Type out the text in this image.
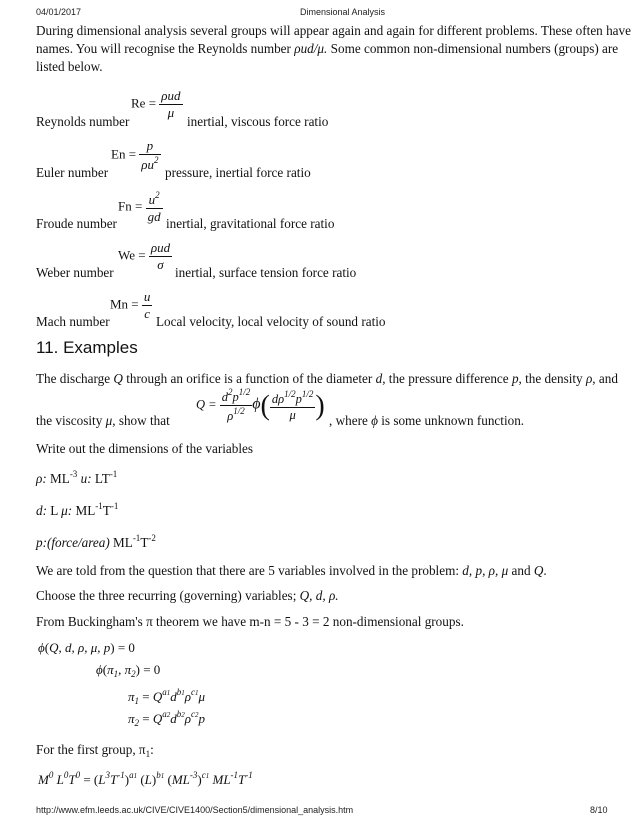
04/01/2017	Dimensional Analysis
During dimensional analysis several groups will appear again and again for different problems. These often have
names. You will recognise the Reynolds number ρud/μ. Some common non-dimensional numbers (groups) are
listed below.
Reynolds number
$Re = \frac{\text{ρud}}{\mu}$
inertial, viscous force ratio
Euler number
$En = \frac{p}{\rho u^2}$ pressure, inertial force ratio
Froude number
$Fn = \frac{u^2}{gd}$ inertial, gravitational force ratio
Weber number
$We = \frac{\text{ρud}}{\sigma}$ inertial, surface tension force ratio
Mach number
$Mn = \frac{u}{c}$ Local velocity, local velocity of sound ratio
11. Examples
The discharge Q through an orifice is a function of the diameter d, the pressure difference p, the density ρ, and
$Q = \frac{d^2p^{1/2}}{\rho^{1/2}} \phi( \frac{d\rho^{1/2}p^{1/2}}{\mu}$ )
the viscosity μ, show that	, where ϕ is some unknown function.
Write out the dimensions of the variables
ρ: $ML^{-3}$ u: $LT^{-1}$
d: L μ: $ML^{-1}T^{-1}$
p:(force/area) $ML^{-1}T^{-2}$
We are told from the question that there are 5 variables involved in the problem: d, p, ρ, μ and Q.
Choose the three recurring (governing) variables; Q, d, ρ.
From Buckingham's π theorem we have m-n = 5 - 3 = 2 non-dimensional groups.
ϕ(Q, d, ρ, μ, p) = 0
$\phi(\pi_1$, $\pi_2) = 0$
$\pi_1 = Q^{a1}d^{b1}\rho^{c1}\mu$
$\pi_2 = Q^{a2}d^{b2}\rho^{c2}p$
For the first group, $\pi_1$:
$M^0$ $L^0T^0 = (L^3T^{-1})^{a1}$ $(L)^{b1}$ $(ML^{-3})^{c1}$ $ML^{-1}T^{-1}$
http://www.efm.leeds.ac.uk/CIVE/CIVE1400/Section5/dimensional_analysis.htm	8/10
